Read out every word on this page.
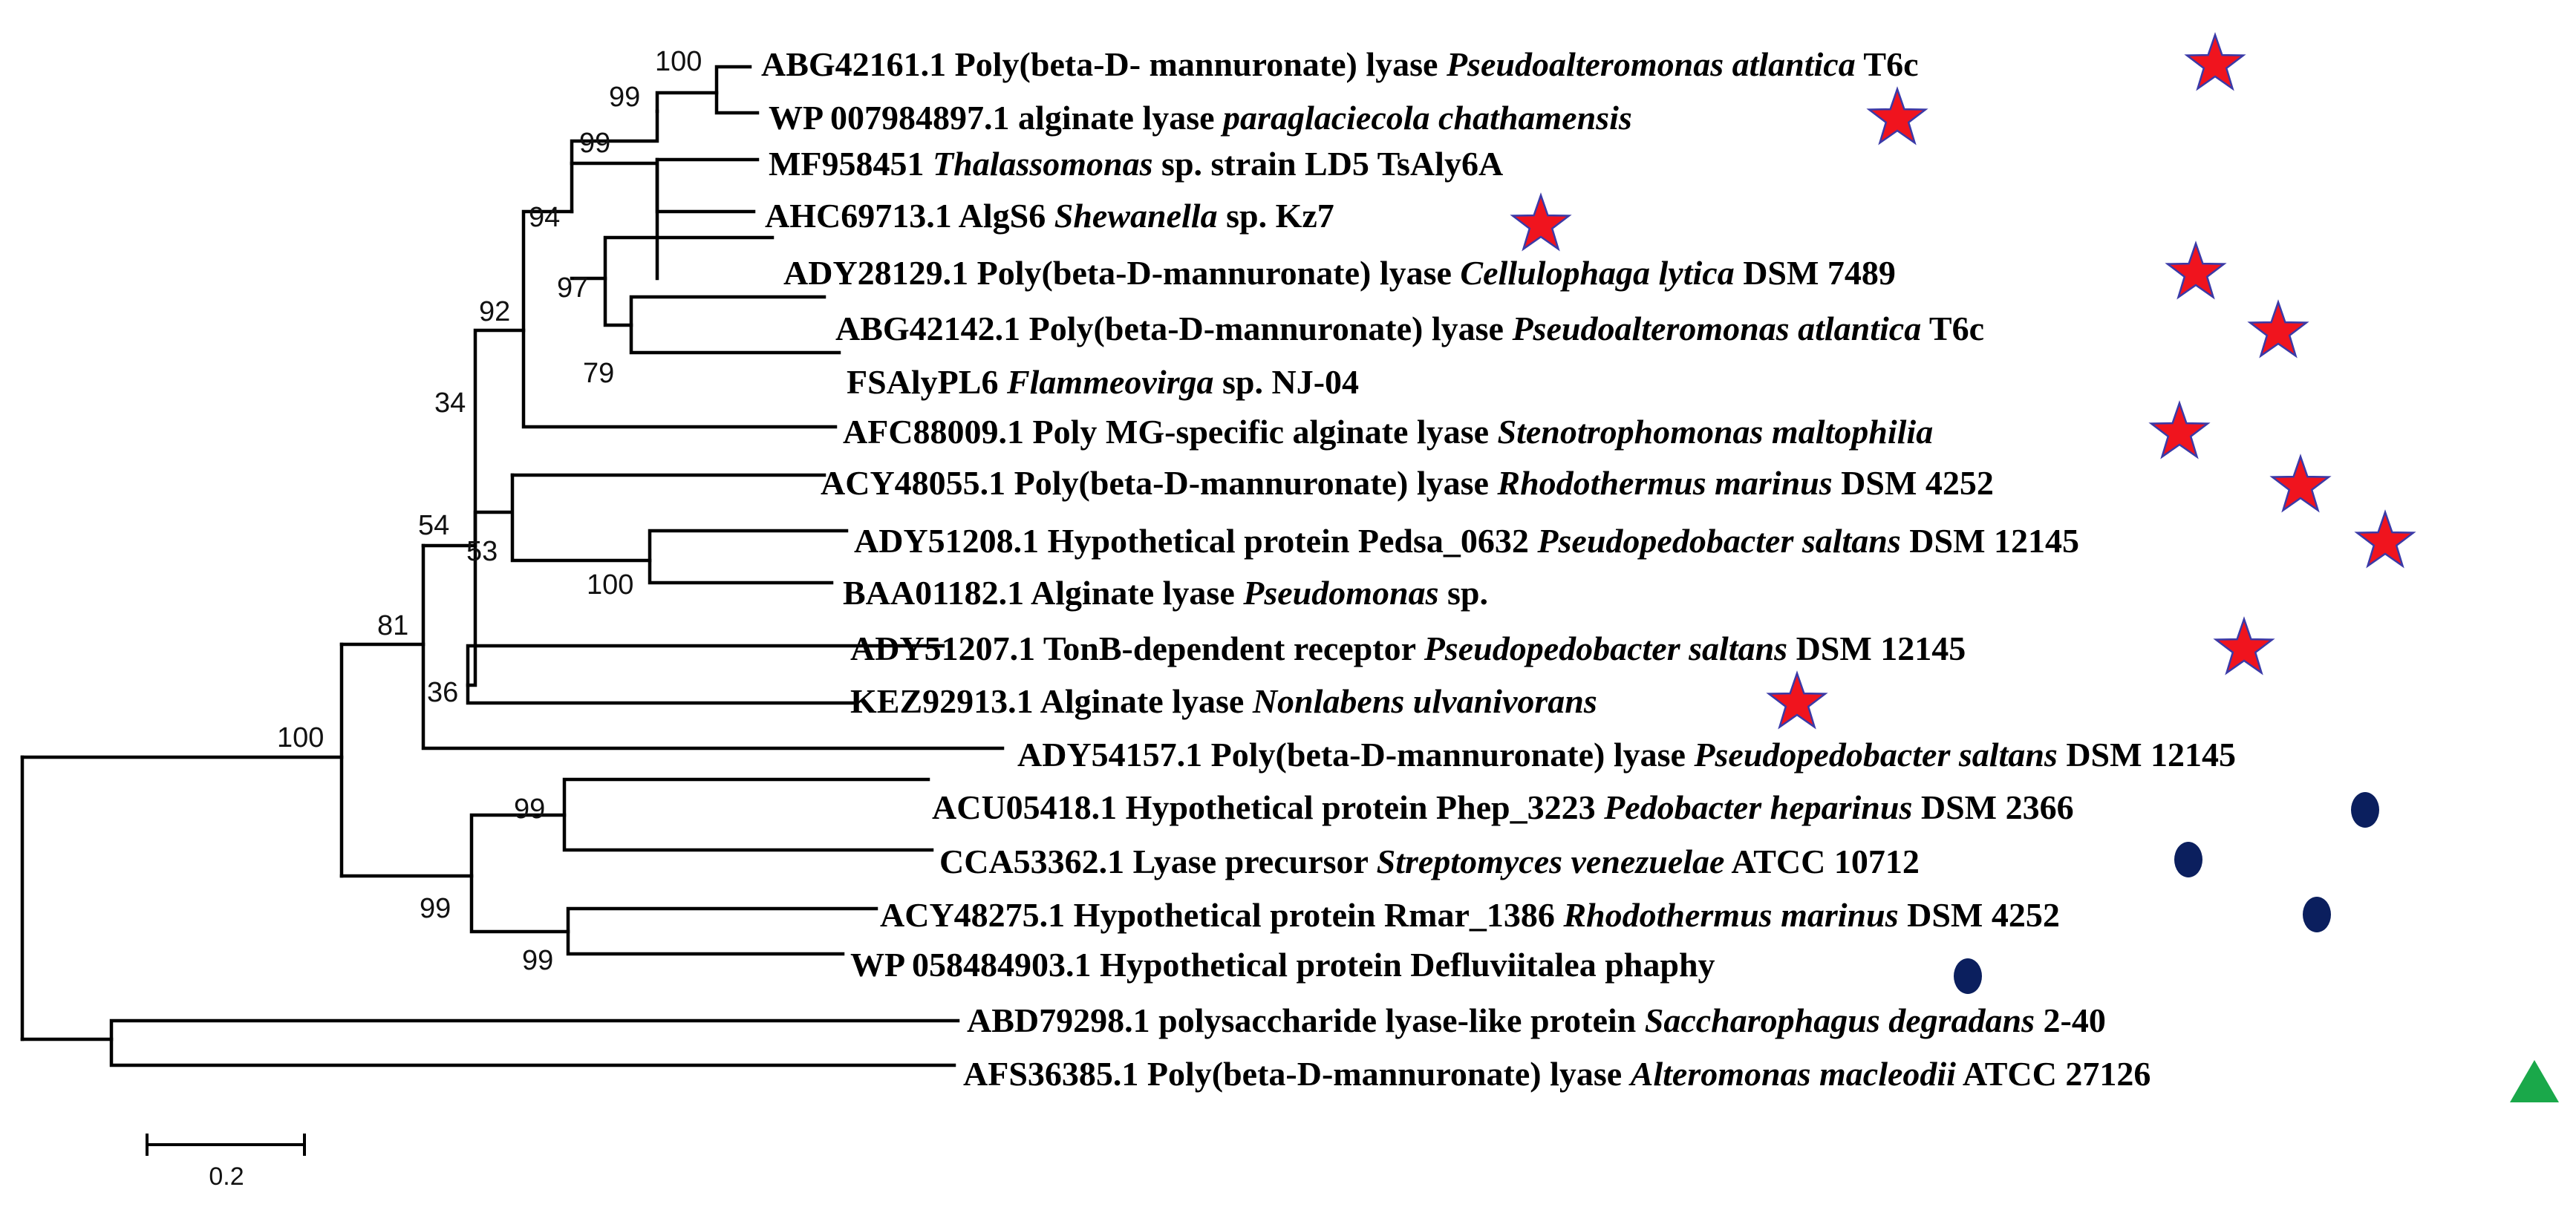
100
99
99
94
97
79
92
34
100
53
54
36
81
99
99
99
100
ABG42161.1 Poly(beta-D- mannuronate) lyase Pseudoalteromonas atlantica T6c
WP 007984897.1 alginate lyase paraglaciecola chathamensis
MF958451 Thalassomonas sp. strain LD5 TsAly6A
AHC69713.1 AlgS6 Shewanella sp. Kz7
ADY28129.1 Poly(beta-D-mannuronate) lyase Cellulophaga lytica DSM 7489
ABG42142.1 Poly(beta-D-mannuronate) lyase Pseudoalteromonas atlantica T6c
FSAlyPL6 Flammeovirga sp. NJ-04
AFC88009.1 Poly MG-specific alginate lyase Stenotrophomonas maltophilia
ACY48055.1 Poly(beta-D-mannuronate) lyase Rhodothermus marinus DSM 4252
ADY51208.1 Hypothetical protein Pedsa_0632 Pseudopedobacter saltans DSM 12145
BAA01182.1 Alginate lyase Pseudomonas sp.
ADY51207.1 TonB-dependent receptor Pseudopedobacter saltans DSM 12145
KEZ92913.1 Alginate lyase Nonlabens ulvanivorans
ADY54157.1 Poly(beta-D-mannuronate) lyase Pseudopedobacter saltans DSM 12145
ACU05418.1 Hypothetical protein Phep_3223 Pedobacter heparinus DSM 2366
CCA53362.1 Lyase precursor Streptomyces venezuelae ATCC 10712
ACY48275.1 Hypothetical protein Rmar_1386 Rhodothermus marinus DSM 4252
WP 058484903.1 Hypothetical protein Defluviitalea phaphy
ABD79298.1 polysaccharide lyase-like protein Saccharophagus degradans 2-40
AFS36385.1 Poly(beta-D-mannuronate) lyase Alteromonas macleodii ATCC 27126
0.2
